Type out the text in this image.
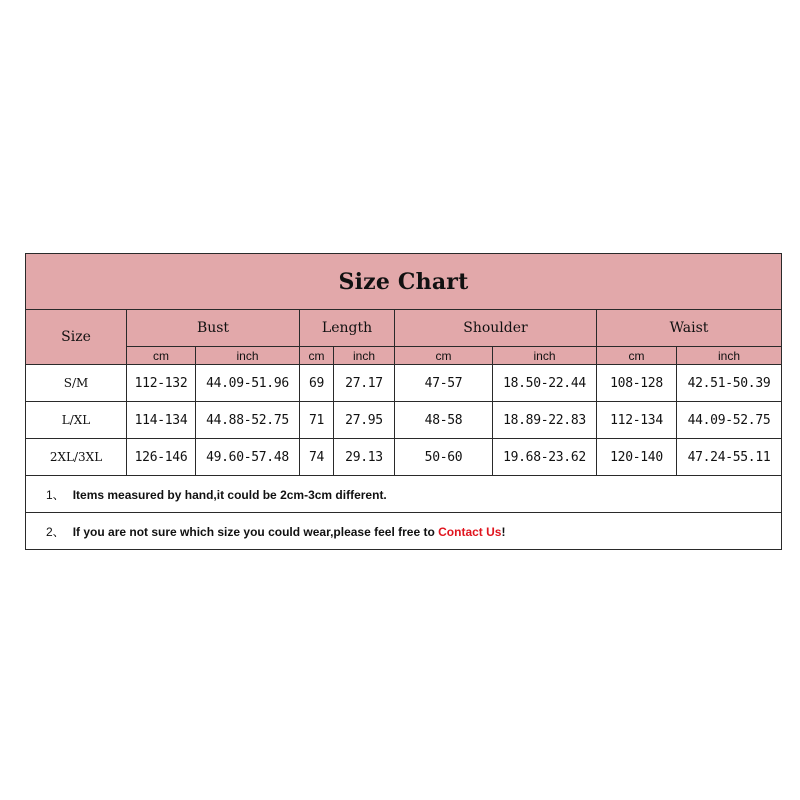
Size Chart								
Size	Bust		Length		Shoulder		Waist	
	cm	inch	cm	inch	cm	inch	cm	inch
S/M	112-132	44.09-51.96	69	27.17	47-57	18.50-22.44	108-128	42.51-50.39
L/XL	114-134	44.88-52.75	71	27.95	48-58	18.89-22.83	112-134	44.09-52.75
2XL/3XL	126-146	49.60-57.48	74	29.13	50-60	19.68-23.62	120-140	47.24-55.11
1、 Items measured by hand,it could be 2cm-3cm different.								
2、 If you are not sure which size you could wear,please feel free to Contact Us!								
